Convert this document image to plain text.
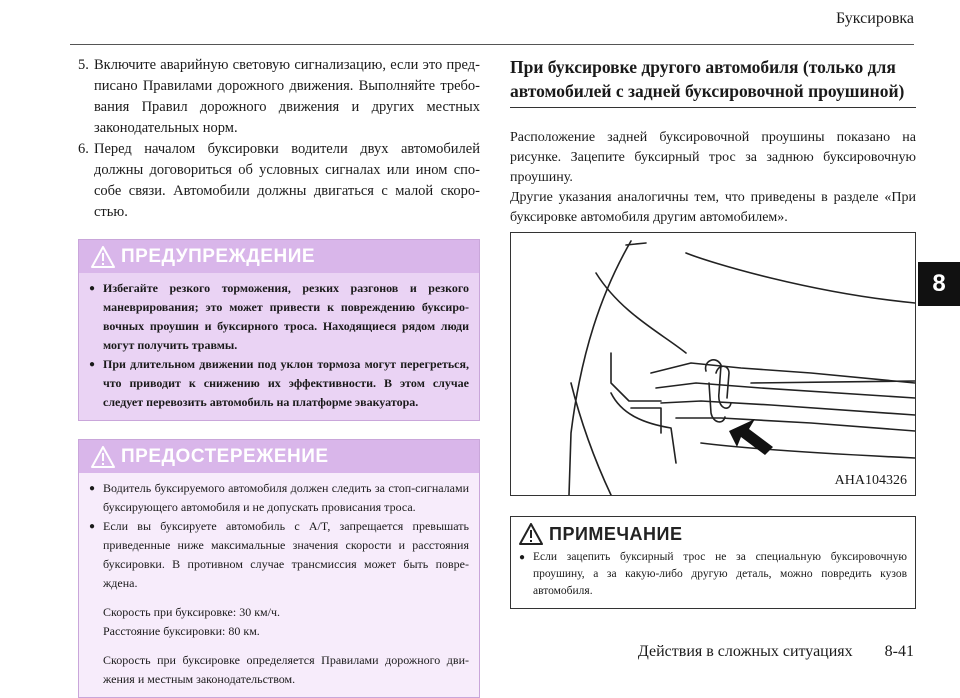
Буксировка
8
5. Включите аварийную световую сигнализацию, если это предписано Правилами дорожного движения. Выполняйте требования Правил дорожного движения и других местных законодательных норм.
6. Перед началом буксировки водители двух автомобилей должны договориться об условных сигналах или ином способе связи. Автомобили должны двигаться с малой скоростью.
ПРЕДУПРЕЖДЕНИЕ
● Избегайте резкого торможения, резких разгонов и резкого маневрирования; это может привести к повреждению буксировочных проушин и буксирного троса. Находящиеся рядом люди могут получить травмы.
● При длительном движении под уклон тормоза могут перегреться, что приводит к снижению их эффективности. В этом случае следует перевозить автомобиль на платформе эвакуатора.
ПРЕДОСТЕРЕЖЕНИЕ
● Водитель буксируемого автомобиля должен следить за стоп-сигналами буксирующего автомобиля и не допускать провисания троса.
● Если вы буксируете автомобиль с A/T, запрещается превышать приведенные ниже максимальные значения скорости и расстояния буксировки. В противном случае трансмиссия может быть повреждена.
Скорость при буксировке: 30 км/ч.
Расстояние буксировки: 80 км.
Скорость при буксировке определяется Правилами дорожного движения и местным законодательством.
При буксировке другого автомобиля (только для автомобилей с задней буксировочной проушиной)

Расположение задней буксировочной проушины показано на рисунке. Зацепите буксирный трос за заднюю буксировочную проушину.

Другие указания аналогичны тем, что приведены в разделе «При буксировке автомобиля другим автомобилем».

AHA104326
ПРИМЕЧАНИЕ
● Если зацепить буксирный трос не за специальную буксировочную проушину, а за какую-либо другую деталь, можно повредить кузов автомобиля.
Действия в сложных ситуациях 8-41
